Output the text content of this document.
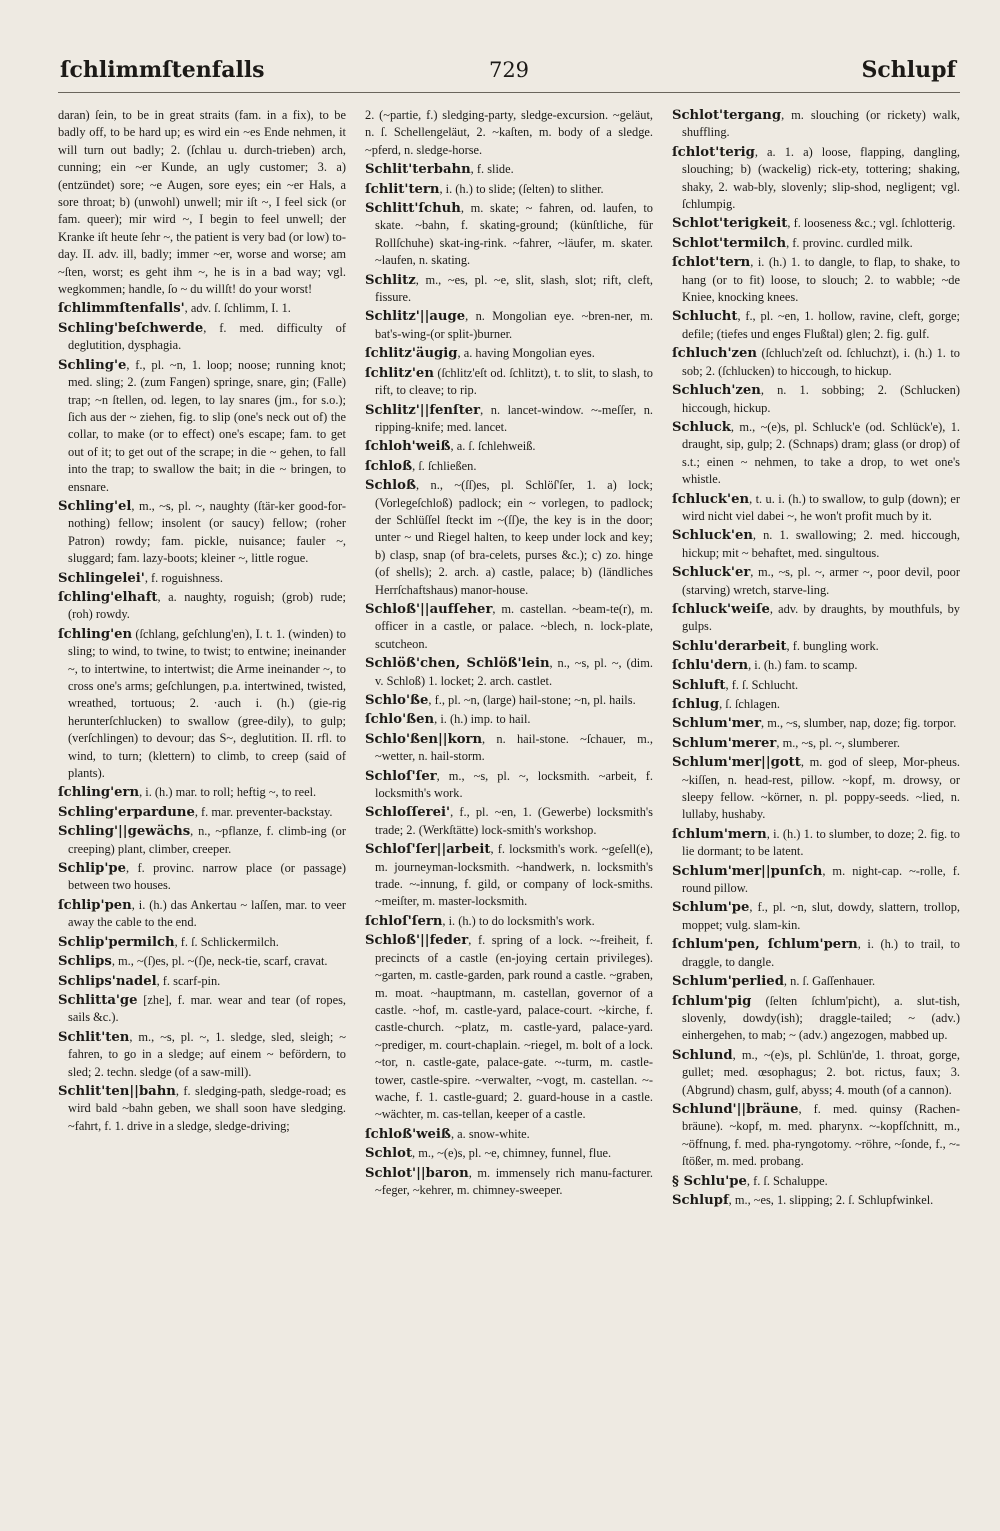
ſchlimmſtenfalls	729	Schlupf

daran) ſein, to be in great straits (fam. in a fix), to be badly off, to be hard up; es wird ein ~es Ende nehmen, it will turn out badly; 2. (ſchlau u. durch-trieben) arch, cunning; ein ~er Kunde, an ugly customer; 3. a) (entzündet) sore; ~e Augen, sore eyes; ein ~er Hals, a sore throat; b) (unwohl) unwell; mir iſt ~, I feel sick (or fam. queer); mir wird ~, I begin to feel unwell; der Kranke iſt heute ſehr ~, the patient is very bad (or low) to-day. II. adv. ill, badly; immer ~er, worse and worse; am ~ſten, worst; es geht ihm ~, he is in a bad way; vgl. wegkommen; handle, ſo ~ du willſt! do your worst!

ſchlimmſtenfalls', adv. ſ. ſchlimm, I. 1.

Schling'beſchwerde, f. med. difficulty of deglutition, dysphagia.

Schling'e, f., pl. ~n, 1. loop; noose; running knot; med. sling; 2. (zum Fangen) springe, snare, gin; (Falle) trap; ~n ſtellen, od. legen, to lay snares (jm., for s.o.); ſich aus der ~ ziehen, fig. to slip (one's neck out of) the collar, to make (or to effect) one's escape; fam. to get out of it; to get out of the scrape; in die ~ gehen, to fall into the trap; to swallow the bait; in die ~ bringen, to ensnare.

Schling'el, m., ~s, pl. ~, naughty (ſtär-ker good-for-nothing) fellow; insolent (or saucy) fellow; (roher Patron) rowdy; fam. pickle, nuisance; fauler ~, sluggard; fam. lazy-boots; kleiner ~, little rogue.

Schlingelei', f. roguishness.

ſchling'elhaft, a. naughty, roguish; (grob) rude; (roh) rowdy.

ſchling'en (ſchlang, geſchlung'en), I. t. 1. (winden) to sling; to wind, to twine, to twist; to entwine; ineinander ~, to intertwine, to intertwist; die Arme ineinander ~, to cross one's arms; geſchlungen, p.a. intertwined, twisted, wreathed, tortuous; 2. ·auch i. (h.) (gie-rig herunterſchlucken) to swallow (gree-dily), to gulp; (verſchlingen) to devour; das S~, deglutition. II. rfl. to wind, to turn; (klettern) to climb, to creep (said of plants).

ſchling'ern, i. (h.) mar. to roll; heftig ~, to reel.

Schling'erpardune, f. mar. preventer-backstay.

Schling'||gewächs, n., ~pflanze, f. climb-ing (or creeping) plant, climber, creeper.

Schlip'pe, f. provinc. narrow place (or passage) between two houses.

ſchlip'pen, i. (h.) das Ankertau ~ laſſen, mar. to veer away the cable to the end.

Schlip'permilch, f. ſ. Schlickermilch.

Schlips, m., ~(ſ)es, pl. ~(ſ)e, neck-tie, scarf, cravat.

Schlips'nadel, f. scarf-pin.

Schlitta'ge [zhe], f. mar. wear and tear (of ropes, sails &c.).

Schlit'ten, m., ~s, pl. ~, 1. sledge, sled, sleigh; ~ fahren, to go in a sledge; auf einem ~ befördern, to sled; 2. techn. sledge (of a saw-mill).

Schlit'ten||bahn, f. sledging-path, sledge-road; es wird bald ~bahn geben, we shall soon have sledging. ~fahrt, f. 1. drive in a sledge, sledge-driving;

2. (~partie, f.) sledging-party, sledge-excursion. ~geläut, n. ſ. Schellengeläut, 2. ~kaſten, m. body of a sledge. ~pferd, n. sledge-horse.

Schlit'terbahn, f. slide.

ſchlit'tern, i. (h.) to slide; (ſelten) to slither.

Schlitt'ſchuh, m. skate; ~ fahren, od. laufen, to skate. ~bahn, f. skating-ground; (künſtliche, für Rollſchuhe) skat-ing-rink. ~fahrer, ~läufer, m. skater. ~laufen, n. skating.

Schlitz, m., ~es, pl. ~e, slit, slash, slot; rift, cleft, fissure.

Schlitz'||auge, n. Mongolian eye. ~bren-ner, m. bat's-wing-(or split-)burner.

ſchlitz'äugig, a. having Mongolian eyes.

ſchlitz'en (ſchlitz'eſt od. ſchlitzt), t. to slit, to slash, to rift, to cleave; to rip.

Schlitz'||fenſter, n. lancet-window. ~-meſſer, n. ripping-knife; med. lancet.

ſchloh'weiß, a. ſ. ſchlehweiß.

ſchloß, ſ. ſchließen.

Schloß, n., ~(ſſ)es, pl. Schlöſ'ſer, 1. a) lock; (Vorlegeſchloß) padlock; ein ~ vorlegen, to padlock; der Schlüſſel ſteckt im ~(ſſ)e, the key is in the door; unter ~ und Riegel halten, to keep under lock and key; b) clasp, snap (of bra-celets, purses &c.); c) zo. hinge (of shells); 2. arch. a) castle, palace; b) (ländliches Herrſchaftshaus) manor-house.

Schloß'||aufſeher, m. castellan. ~beam-te(r), m. officer in a castle, or palace. ~blech, n. lock-plate, scutcheon.

Schlöß'chen, Schlöß'lein, n., ~s, pl. ~, (dim. v. Schloß) 1. locket; 2. arch. castlet.

Schlo'ße, f., pl. ~n, (large) hail-stone; ~n, pl. hails.

ſchlo'ßen, i. (h.) imp. to hail.

Schlo'ßen||korn, n. hail-stone. ~ſchauer, m., ~wetter, n. hail-storm.

Schloſ'ſer, m., ~s, pl. ~, locksmith. ~arbeit, f. locksmith's work.

Schloſſerei', f., pl. ~en, 1. (Gewerbe) locksmith's trade; 2. (Werkſtätte) lock-smith's workshop.

Schloſ'ſer||arbeit, f. locksmith's work. ~geſell(e), m. journeyman-locksmith. ~handwerk, n. locksmith's trade. ~-innung, f. gild, or company of lock-smiths. ~meiſter, m. master-locksmith.

ſchloſ'ſern, i. (h.) to do locksmith's work.

Schloß'||feder, f. spring of a lock. ~-freiheit, f. precincts of a castle (en-joying certain privileges). ~garten, m. castle-garden, park round a castle. ~graben, m. moat. ~hauptmann, m. castellan, governor of a castle. ~hof, m. castle-yard, palace-court. ~kirche, f. castle-church. ~platz, m. castle-yard, palace-yard. ~prediger, m. court-chaplain. ~riegel, m. bolt of a lock. ~tor, n. castle-gate, palace-gate. ~-turm, m. castle-tower, castle-spire. ~verwalter, ~vogt, m. castellan. ~-wache, f. 1. castle-guard; 2. guard-house in a castle. ~wächter, m. cas-tellan, keeper of a castle.

ſchloß'weiß, a. snow-white.

Schlot, m., ~(e)s, pl. ~e, chimney, funnel, flue.

Schlot'||baron, m. immensely rich manu-facturer. ~feger, ~kehrer, m. chimney-sweeper.

Schlot'tergang, m. slouching (or rickety) walk, shuffling.

ſchlot'terig, a. 1. a) loose, flapping, dangling, slouching; b) (wackelig) rick-ety, tottering; shaking, shaky, 2. wab-bly, slovenly; slip-shod, negligent; vgl. ſchlumpig.

Schlot'terigkeit, f. looseness &c.; vgl. ſchlotterig.

Schlot'termilch, f. provinc. curdled milk.

ſchlot'tern, i. (h.) 1. to dangle, to flap, to shake, to hang (or to fit) loose, to slouch; 2. to wabble; ~de Kniee, knocking knees.

Schlucht, f., pl. ~en, 1. hollow, ravine, cleft, gorge; defile; (tiefes und enges Flußtal) glen; 2. fig. gulf.

ſchluch'zen (ſchluch'zeſt od. ſchluchzt), i. (h.) 1. to sob; 2. (ſchlucken) to hiccough, to hickup.

Schluch'zen, n. 1. sobbing; 2. (Schlucken) hiccough, hickup.

Schluck, m., ~(e)s, pl. Schluck'e (od. Schlück'e), 1. draught, sip, gulp; 2. (Schnaps) dram; glass (or drop) of s.t.; einen ~ nehmen, to take a drop, to wet one's whistle.

ſchluck'en, t. u. i. (h.) to swallow, to gulp (down); er wird nicht viel dabei ~, he won't profit much by it.

Schluck'en, n. 1. swallowing; 2. med. hiccough, hickup; mit ~ behaftet, med. singultous.

Schluck'er, m., ~s, pl. ~, armer ~, poor devil, poor (starving) wretch, starve-ling.

ſchluck'weiſe, adv. by draughts, by mouthfuls, by gulps.

Schlu'derarbeit, f. bungling work.

ſchlu'dern, i. (h.) fam. to scamp.

Schluft, f. ſ. Schlucht.

ſchlug, ſ. ſchlagen.

Schlum'mer, m., ~s, slumber, nap, doze; fig. torpor.

Schlum'merer, m., ~s, pl. ~, slumberer.

Schlum'mer||gott, m. god of sleep, Mor-pheus. ~kiſſen, n. head-rest, pillow. ~kopf, m. drowsy, or sleepy fellow. ~körner, n. pl. poppy-seeds. ~lied, n. lullaby, hushaby.

ſchlum'mern, i. (h.) 1. to slumber, to doze; 2. fig. to lie dormant; to be latent.

Schlum'mer||punſch, m. night-cap. ~-rolle, f. round pillow.

Schlum'pe, f., pl. ~n, slut, dowdy, slattern, trollop, moppet; vulg. slam-kin.

ſchlum'pen, ſchlum'pern, i. (h.) to trail, to draggle, to dangle.

Schlum'perlied, n. ſ. Gaſſenhauer.

ſchlum'pig (ſelten ſchlum'picht), a. slut-tish, slovenly, dowdy(ish); draggle-tailed; ~ (adv.) einhergehen, to mab; ~ (adv.) angezogen, mabbed up.

Schlund, m., ~(e)s, pl. Schlün'de, 1. throat, gorge, gullet; med. œsophagus; 2. bot. rictus, faux; 3. (Abgrund) chasm, gulf, abyss; 4. mouth (of a cannon).

Schlund'||bräune, f. med. quinsy (Rachen-bräune). ~kopf, m. med. pharynx. ~-kopfſchnitt, m., ~öffnung, f. med. pha-ryngotomy. ~röhre, ~ſonde, f., ~-ſtößer, m. med. probang.

§ Schlu'pe, f. ſ. Schaluppe.

Schlupf, m., ~es, 1. slipping; 2. ſ. Schlupfwinkel.
